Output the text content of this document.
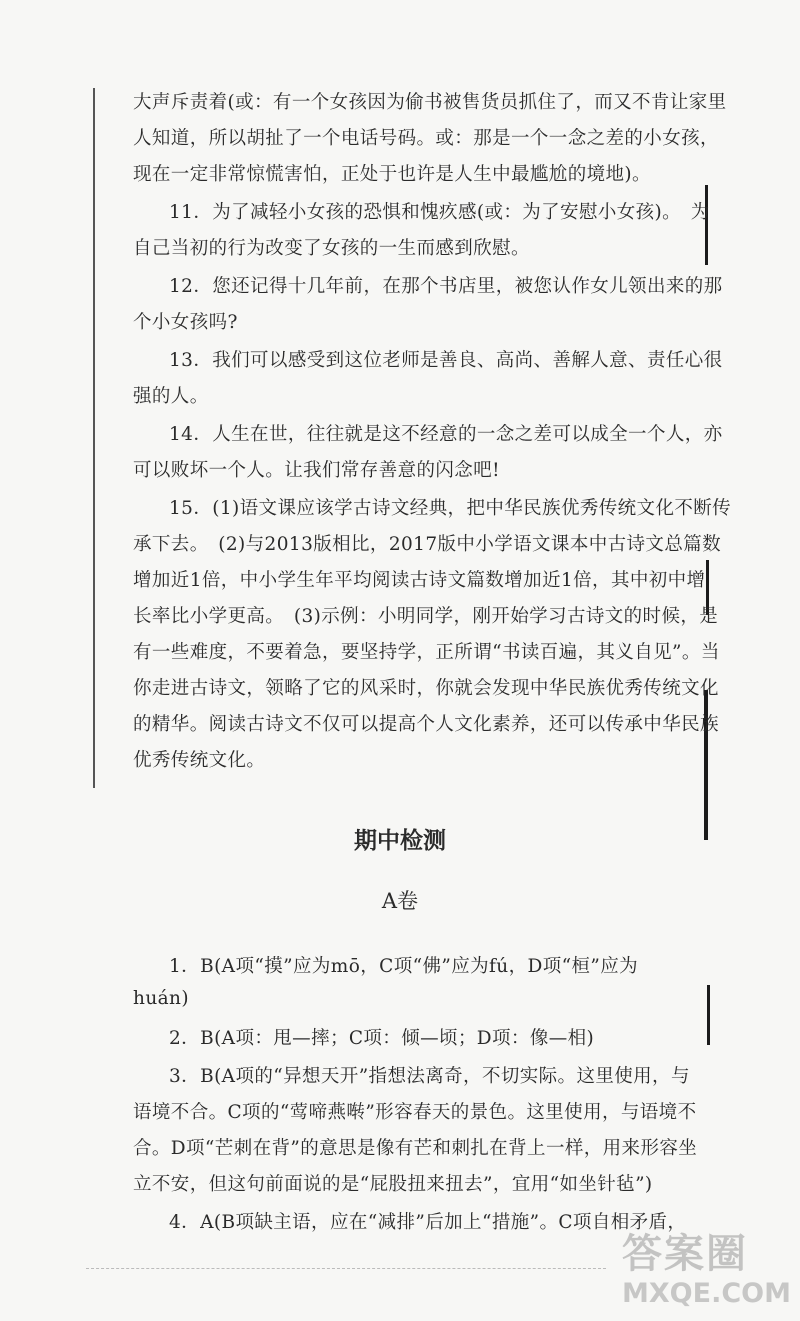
大声斥责着(或：有一个女孩因为偷书被售货员抓住了，而又不肯让家里
人知道，所以胡扯了一个电话号码。或：那是一个一念之差的小女孩，
现在一定非常惊慌害怕，正处于也许是人生中最尴尬的境地)。
11．为了减轻小女孩的恐惧和愧疚感(或：为了安慰小女孩)。　为
自己当初的行为改变了女孩的一生而感到欣慰。
12．您还记得十几年前，在那个书店里，被您认作女儿领出来的那
个小女孩吗?
13．我们可以感受到这位老师是善良、高尚、善解人意、责任心很
强的人。
14．人生在世，往往就是这不经意的一念之差可以成全一个人，亦
可以败坏一个人。让我们常存善意的闪念吧!
15．(1)语文课应该学古诗文经典，把中华民族优秀传统文化不断传
承下去。　(2)与2013版相比，2017版中小学语文课本中古诗文总篇数
增加近1倍，中小学生年平均阅读古诗文篇数增加近1倍，其中初中增
长率比小学更高。　(3)示例：小明同学，刚开始学习古诗文的时候，是
有一些难度，不要着急，要坚持学，正所谓“书读百遍，其义自见”。当
你走进古诗文，领略了它的风采时，你就会发现中华民族优秀传统文化
的精华。阅读古诗文不仅可以提高个人文化素养，还可以传承中华民族
优秀传统文化。
期中检测
A卷
1．B(A项“摸”应为mō，C项“佛”应为fú，D项“桓”应为
huán)
2．B(A项：甩—摔；C项：倾—顷；D项：像—相)
3．B(A项的“异想天开”指想法离奇，不切实际。这里使用，与
语境不合。C项的“莺啼燕啭”形容春天的景色。这里使用，与语境不
合。D项“芒刺在背”的意思是像有芒和刺扎在背上一样，用来形容坐
立不安，但这句前面说的是“屁股扭来扭去”，宜用“如坐针毡”)
4．A(B项缺主语，应在“减排”后加上“措施”。C项自相矛盾，
答案圈
MXQE.COM
